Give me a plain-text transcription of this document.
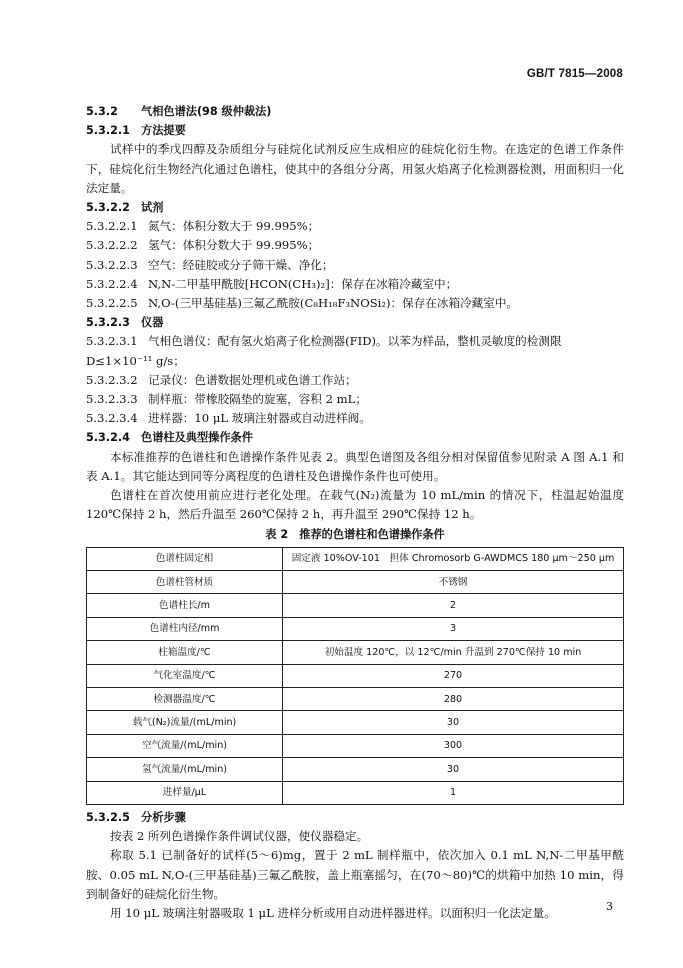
GB/T 7815—2008
5.3.2 气相色谱法(98 级仲裁法)
5.3.2.1 方法提要
试样中的季戊四醇及杂质组分与硅烷化试剂反应生成相应的硅烷化衍生物。在选定的色谱工作条件下，硅烷化衍生物经汽化通过色谱柱，使其中的各组分分离，用氢火焰离子化检测器检测，用面积归一化法定量。
5.3.2.2 试剂
5.3.2.2.1 氮气：体积分数大于 99.995%；
5.3.2.2.2 氢气：体积分数大于 99.995%；
5.3.2.2.3 空气：经硅胶或分子筛干燥、净化；
5.3.2.2.4 N,N-二甲基甲酰胺[HCON(CH₃)₂]：保存在冰箱冷藏室中；
5.3.2.2.5 N,O-(三甲基硅基)三氟乙酰胺(C₈H₁₈F₃NOSi₂)：保存在冰箱冷藏室中。
5.3.2.3 仪器
5.3.2.3.1 气相色谱仪：配有氢火焰离子化检测器(FID)。以苯为样品，整机灵敏度的检测限
D≤1×10⁻¹¹ g/s；
5.3.2.3.2 记录仪：色谱数据处理机或色谱工作站；
5.3.2.3.3 制样瓶：带橡胶隔垫的旋塞，容积 2 mL；
5.3.2.3.4 进样器：10 μL 玻璃注射器或自动进样阀。
5.3.2.4 色谱柱及典型操作条件
本标准推荐的色谱柱和色谱操作条件见表 2。典型色谱图及各组分相对保留值参见附录 A 图 A.1 和表 A.1。其它能达到同等分离程度的色谱柱及色谱操作条件也可使用。
色谱柱在首次使用前应进行老化处理。在载气(N₂)流量为 10 mL/min 的情况下，柱温起始温度 120℃保持 2 h，然后升温至 260℃保持 2 h，再升温至 290℃保持 12 h。
表 2　推荐的色谱柱和色谱操作条件
色谱柱固定相	固定液 10%OV-101　担体 Chromosorb G-AWDMCS 180 μm～250 μm
色谱柱管材质	不锈钢
色谱柱长/m	2
色谱柱内径/mm	3
柱箱温度/℃	初始温度 120℃，以 12℃/min 升温到 270℃保持 10 min
气化室温度/℃	270
检测器温度/℃	280
载气(N₂)流量/(mL/min)	30
空气流量/(mL/min)	300
氢气流量/(mL/min)	30
进样量/μL	1
5.3.2.5 分析步骤
按表 2 所列色谱操作条件调试仪器，使仪器稳定。
称取 5.1 已制备好的试样(5～6)mg，置于 2 mL 制样瓶中，依次加入 0.1 mL N,N-二甲基甲酰胺、0.05 mL N,O-(三甲基硅基)三氟乙酰胺，盖上瓶塞摇匀，在(70～80)℃的烘箱中加热 10 min，得到制备好的硅烷化衍生物。
用 10 μL 玻璃注射器吸取 1 μL 进样分析或用自动进样器进样。以面积归一化法定量。	3
